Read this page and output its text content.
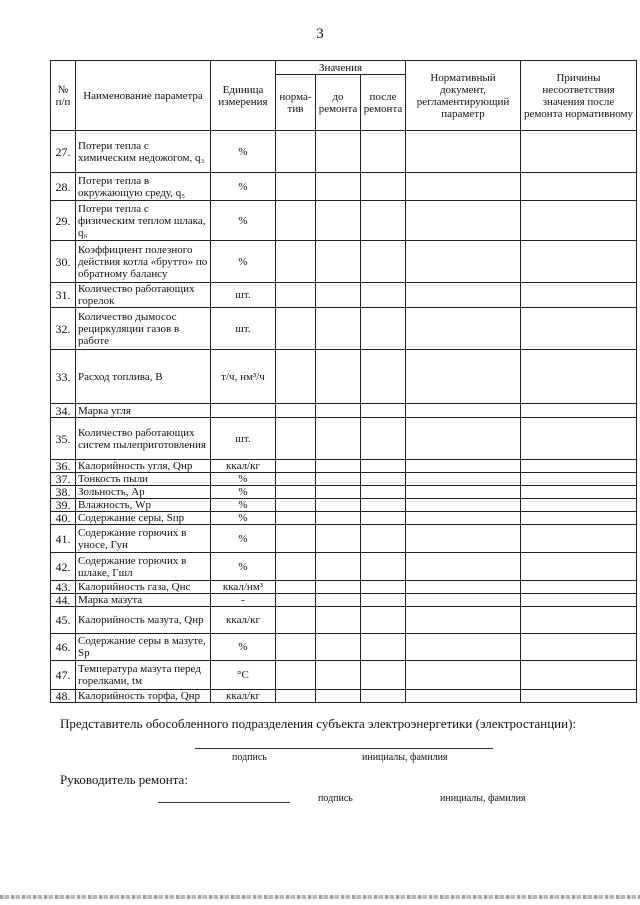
3
№ п/п	Наименование параметра	Единица измерения	Значения			Нормативный документ, регламентирующий параметр	Причины несоответствия значения после ремонта нормативному
			норма-тив	до ремонта	после ремонта		
27.	Потери тепла с химическим недожогом, q₃	%					
28.	Потери тепла в окружающую среду, q₅	%					
29.	Потери тепла с физическим теплом шлака, q₆	%					
30.	Коэффициент полезного действия котла «брутто» по обратному балансу	%					
31.	Количество работающих горелок	шт.					
32.	Количество дымосос рециркуляции газов в работе	шт.					
33.	Расход топлива, В	т/ч, нм³/ч					
34.	Марка угля						
35.	Количество работающих систем пылеприготовления	шт.					
36.	Калорийность угля, Qнр	ккал/кг					
37.	Тонкость пыли	%					
38.	Зольность, Ар	%					
39.	Влажность, Wр	%					
40.	Содержание серы, Sпр	%					
41.	Содержание горючих в уносе, Гун	%					
42.	Содержание горючих в шлаке, Гшл	%					
43.	Калорийность газа, Qнс	ккал/нм³					
44.	Марка мазута	-					
45.	Калорийность мазута, Qнр	ккал/кг					
46.	Содержание серы в мазуте, Sр	%					
47.	Температура мазута перед горелками, tм	°С					
48.	Калорийность торфа, Qнр	ккал/кг					
Представитель обособленного подразделения субъекта электроэнергетики (электростанции):
подпись	инициалы, фамилия
Руководитель ремонта:
подпись	инициалы, фамилия
